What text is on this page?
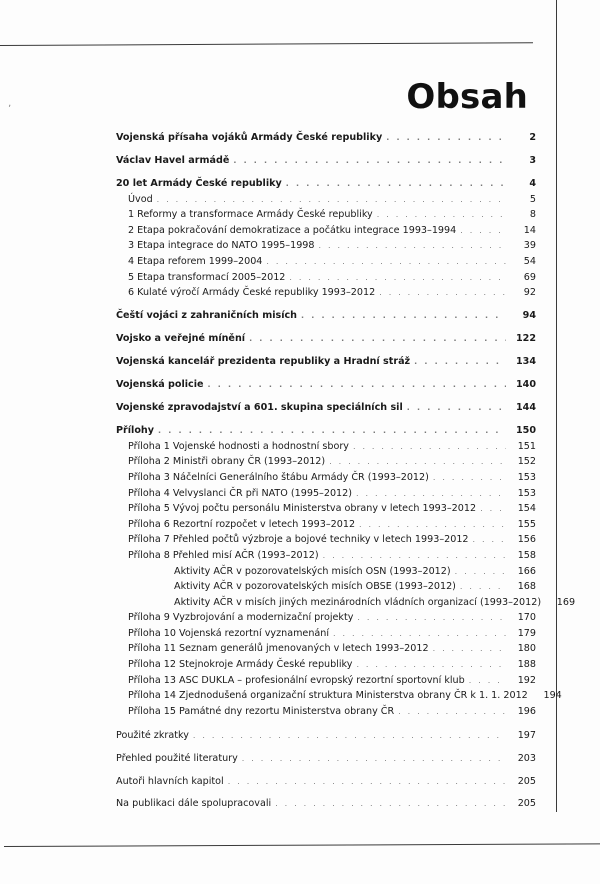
ʼ	Obsah
Vojenská přísaha vojáků Armády České republiky . . .	2
Václav Havel armádě . . .	3
20 let Armády České republiky . . .	4
Úvod . . .	5
1 Reformy a transformace Armády České republiky . . .	8
2 Etapa pokračování demokratizace a počátku integrace 1993–1994 . . .	14
3 Etapa integrace do NATO 1995–1998 . . .	39
4 Etapa reforem 1999–2004 . . .	54
5 Etapa transformací 2005–2012 . . .	69
6 Kulaté výročí Armády České republiky 1993–2012 . . .	92
Čeští vojáci z zahraničních misích . . .	94
Vojsko a veřejné mínění . . .	122
Vojenská kancelář prezidenta republiky a Hradní stráž . . .	134
Vojenská policie . . .	140
Vojenské zpravodajství a 601. skupina speciálních sil . . .	144
Přílohy . . .	150
Příloha 1 Vojenské hodnosti a hodnostní sbory . . .	151
Příloha 2 Ministři obrany ČR (1993–2012) . . .	152
Příloha 3 Náčelníci Generálního štábu Armády ČR (1993–2012) . . .	153
Příloha 4 Velvyslanci ČR při NATO (1995–2012) . . .	153
Příloha 5 Vývoj počtu personálu Ministerstva obrany v letech 1993–2012 . . .	154
Příloha 6 Rezortní rozpočet v letech 1993–2012 . . .	155
Příloha 7 Přehled počtů výzbroje a bojové techniky v letech 1993–2012 . . .	156
Příloha 8 Přehled misí AČR (1993–2012) . . .	158
Aktivity AČR v pozorovatelských misích OSN (1993–2012) . . .	166
Aktivity AČR v pozorovatelských misích OBSE (1993–2012) . . .	168
Aktivity AČR v misích jiných mezinárodních vládních organizací (1993–2012)	169
Příloha 9 Vyzbrojování a modernizační projekty . . .	170
Příloha 10 Vojenská rezortní vyznamenání . . .	179
Příloha 11 Seznam generálů jmenovaných v letech 1993–2012 . . .	180
Příloha 12 Stejnokroje Armády České republiky . . .	188
Příloha 13 ASC DUKLA – profesionální evropský rezortní sportovní klub . . .	192
Příloha 14 Zjednodušená organizační struktura Ministerstva obrany ČR k 1. 1. 2012	194
Příloha 15 Památné dny rezortu Ministerstva obrany ČR . . .	196
Použité zkratky . . .	197
Přehled použité literatury . . .	203
Autoři hlavních kapitol . . .	205
Na publikaci dále spolupracovali . . .	205
